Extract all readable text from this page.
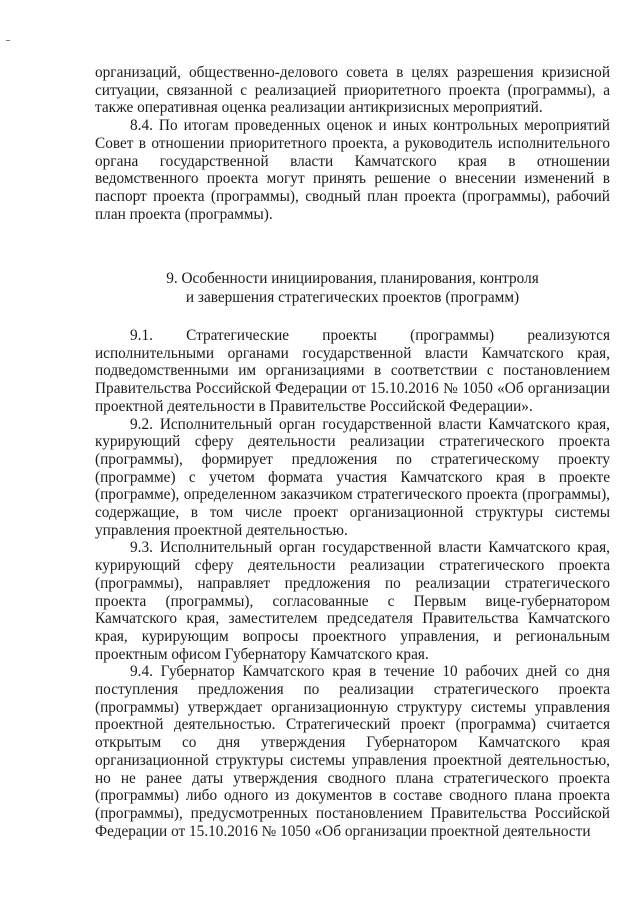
организаций, общественно-делового совета в целях разрешения кризисной ситуации, связанной с реализацией приоритетного проекта (программы), а также оперативная оценка реализации антикризисных мероприятий.

8.4. По итогам проведенных оценок и иных контрольных мероприятий Совет в отношении приоритетного проекта, а руководитель исполнительного органа государственной власти Камчатского края в отношении ведомственного проекта могут принять решение о внесении изменений в паспорт проекта (программы), сводный план проекта (программы), рабочий план проекта (программы).

9. Особенности инициирования, планирования, контроля
и завершения стратегических проектов (программ)

9.1. Стратегические проекты (программы) реализуются исполнительными органами государственной власти Камчатского края, подведомственными им организациями в соответствии с постановлением Правительства Российской Федерации от 15.10.2016 № 1050 «Об организации проектной деятельности в Правительстве Российской Федерации».

9.2. Исполнительный орган государственной власти Камчатского края, курирующий сферу деятельности реализации стратегического проекта (программы), формирует предложения по стратегическому проекту (программе) с учетом формата участия Камчатского края в проекте (программе), определенном заказчиком стратегического проекта (программы), содержащие, в том числе проект организационной структуры системы управления проектной деятельностью.

9.3. Исполнительный орган государственной власти Камчатского края, курирующий сферу деятельности реализации стратегического проекта (программы), направляет предложения по реализации стратегического проекта (программы), согласованные с Первым вице-губернатором Камчатского края, заместителем председателя Правительства Камчатского края, курирующим вопросы проектного управления, и региональным проектным офисом Губернатору Камчатского края.

9.4. Губернатор Камчатского края в течение 10 рабочих дней со дня поступления предложения по реализации стратегического проекта (программы) утверждает организационную структуру системы управления проектной деятельностью. Стратегический проект (программа) считается открытым со дня утверждения Губернатором Камчатского края организационной структуры системы управления проектной деятельностью, но не ранее даты утверждения сводного плана стратегического проекта (программы) либо одного из документов в составе сводного плана проекта (программы), предусмотренных постановлением Правительства Российской Федерации от 15.10.2016 № 1050 «Об организации проектной деятельности
